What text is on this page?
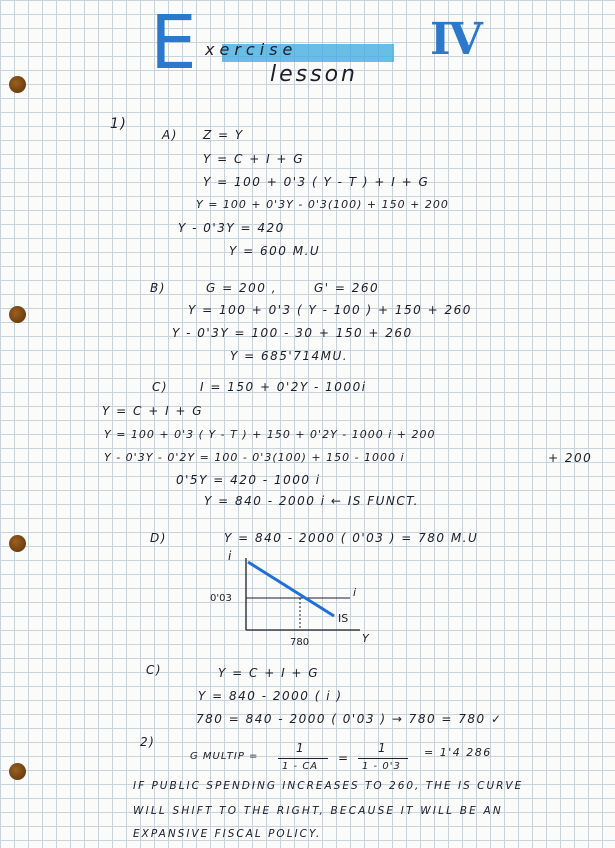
E xercise
lesson
IV
1)
A) Z = Y
Y = C + I + G
Y = 100 + 0'3 ( Y - T ) + I + G
Y = 100 + 0'3Y - 0'3(100) + 150 + 200
Y - 0'3Y = 420
Y = 600 M.U
B)	G = 200 ,	G' = 260
Y = 100 + 0'3 ( Y - 100 ) + 150 + 260
Y - 0'3Y = 100 - 30 + 150 + 260
Y = 685'714MU.
C)	I = 150 + 0'2Y - 1000i
Y = C + I + G
Y = 100 + 0'3 ( Y - T ) + 150 + 0'2Y - 1000 i + 200
Y - 0'3Y - 0'2Y = 100 - 0'3(100) + 150 - 1000 i	+ 200
0'5Y = 420 - 1000 i
Y = 840 - 2000 i ← IS FUNCT.
D)	Y = 840 - 2000 ( 0'03 ) = 780 M.U
i
0'03	i
IS
Y
780
C)	Y = C + I + G
Y = 840 - 2000 ( i )
780 = 840 - 2000 ( 0'03 ) → 780 = 780 ✓
2)
G MULTIP =
1
1 - CA
=
1
1 - 0'3
= 1'4 286
IF PUBLIC SPENDING INCREASES TO 260, THE IS CURVE
WILL SHIFT TO THE RIGHT, BECAUSE IT WILL BE AN
EXPANSIVE FISCAL POLICY.
